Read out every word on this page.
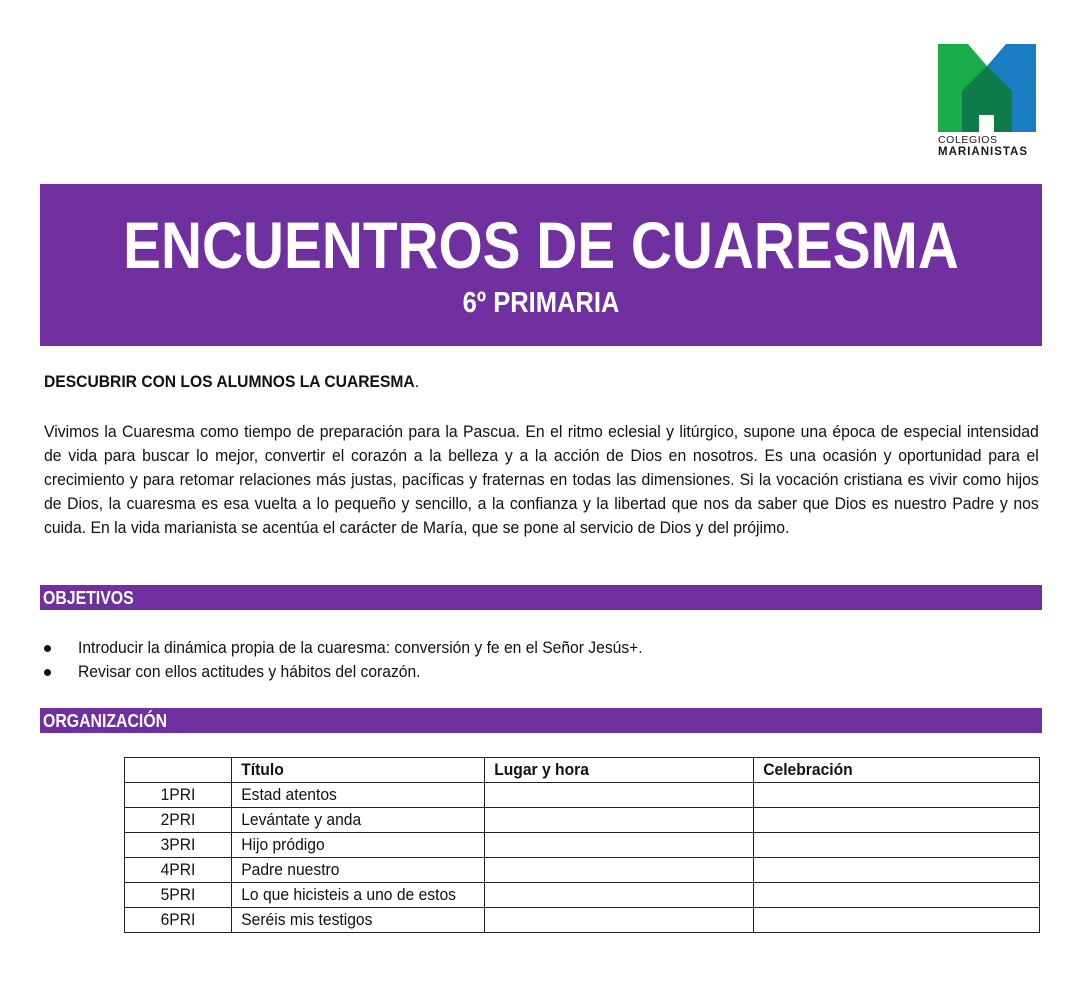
COLEGIOS
MARIANISTAS
ENCUENTROS DE CUARESMA
6º PRIMARIA
DESCUBRIR CON LOS ALUMNOS LA CUARESMA.
Vivimos la Cuaresma como tiempo de preparación para la Pascua. En el ritmo eclesial y litúrgico, supone una época de especial intensidad de vida para buscar lo mejor, convertir el corazón a la belleza y a la acción de Dios en nosotros. Es una ocasión y oportunidad para el crecimiento y para retomar relaciones más justas, pacíficas y fraternas en todas las dimensiones. Si la vocación cristiana es vivir como hijos de Dios, la cuaresma es esa vuelta a lo pequeño y sencillo, a la confianza y la libertad que nos da saber que Dios es nuestro Padre y nos cuida. En la vida marianista se acentúa el carácter de María, que se pone al servicio de Dios y del prójimo.
OBJETIVOS
Introducir la dinámica propia de la cuaresma: conversión y fe en el Señor Jesús+.
Revisar con ellos actitudes y hábitos del corazón.
ORGANIZACIÓN
	Título	Lugar y hora	Celebración

1PRI	Estad atentos		

2PRI	Levántate y anda		

3PRI	Hijo pródigo		

4PRI	Padre nuestro		

5PRI	Lo que hicisteis a uno de estos		

6PRI	Seréis mis testigos		
